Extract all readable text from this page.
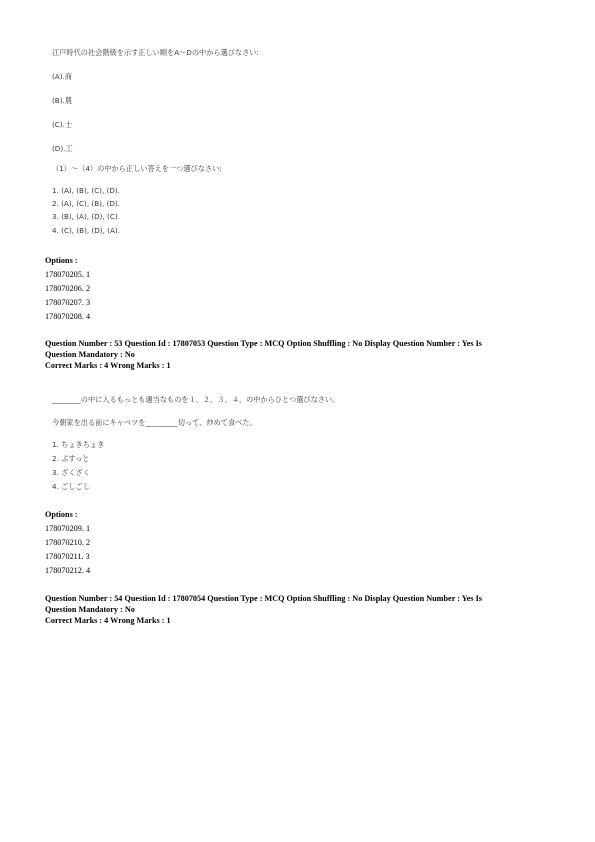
江戸時代の社会階級を示す正しい順をA～Dの中から選びなさい:
(A).商
(B).農
(C).士
(D).工
（1）～（4）の中から正しい答えを一つ選びなさい:
1. (A), (B), (C), (D).
2. (A), (C), (B), (D).
3. (B), (A), (D), (C).
4. (C), (B), (D), (A).
Options :
178070205. 1
178070206. 2
178070207. 3
178070208. 4
Question Number : 53 Question Id : 17807053 Question Type : MCQ Option Shuffling : No Display Question Number : Yes Is
Question Mandatory : No
Correct Marks : 4 Wrong Marks : 1
________の中に入るもっとも適当なものを１、２、３、４、の中からひとつ選びなさい。
今朝家を出る前にキャベツを_________切って、炒めて食べた。
1. ちょきちょき
2. ぶすっと
3. ざくざく
4. ごしごし
Options :
178070209. 1
178070210. 2
178070211. 3
178070212. 4
Question Number : 54 Question Id : 17807054 Question Type : MCQ Option Shuffling : No Display Question Number : Yes Is
Question Mandatory : No
Correct Marks : 4 Wrong Marks : 1
